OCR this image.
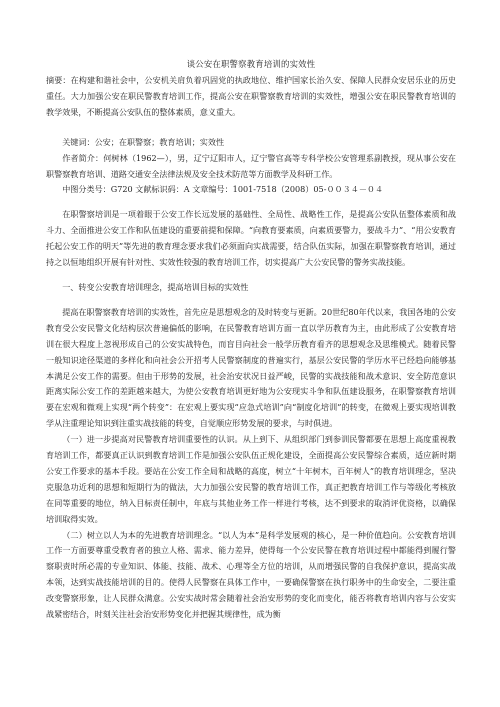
谈公安在职警察教育培训的实效性

摘要：在构建和谐社会中，公安机关肩负着巩固党的执政地位、维护国家长治久安、保障人民群众安居乐业的历史重任。大力加强公安在职民警教育培训工作，提高公安在职警察教育培训的实效性，增强公安在职民警教育培训的教学效果，不断提高公安队伍的整体素质，意义重大。

关键词：公安；在职警察；教育培训；实效性

作者简介：何树林（1962—），男，辽宁辽阳市人，辽宁警官高等专科学校公安管理系副教授，现从事公安在职警察教育培训、道路交通安全法律法规及安全技术防范等方面教学及科研工作。

中图分类号：G720 文献标识码：A 文章编号：1001-7518（2008）05-００３４－０４

在职警察培训是一项着眼于公安工作长远发展的基础性、全局性、战略性工作，是提高公安队伍整体素质和战斗力、全面推进公安工作和队伍建设的重要前提和保障。“向教育要素质，向素质要警力，要战斗力”、“用公安教育托起公安工作的明天”等先进的教育理念要求我们必须面向实战需要，结合队伍实际，加强在职警察教育培训，通过持之以恒地组织开展有针对性、实效性较强的教育培训工作，切实提高广大公安民警的警务实战技能。

一、转变公安教育培训理念，提高培训目标的实效性

提高在职警察教育培训的实效性，首先应是思想观念的及时转变与更新。20世纪80年代以来，我国各地的公安教育受公安民警文化结构层次普遍偏低的影响，在民警教育培训方面一直以学历教育为主，由此形成了公安教育培训在很大程度上忽视形成自己的公安实战特色，而盲目向社会一般学历教育看齐的思想观念及思维模式。随着民警一般知识途径渠道的多样化和向社会公开招考人民警察制度的普遍实行，基层公安民警的学历水平已经趋向能够基本满足公安工作的需要。但由于形势的发展，社会治安状况日益严峻，民警的实战技能和战术意识、安全防范意识距离实际公安工作的差距越来越大，为使公安教育培训更好地为公安现实斗争和队伍建设服务，在职警察教育培训要在宏观和微观上实现“两个转变”：在宏观上要实现“应急式培训”向“制度化培训”的转变，在微观上要实现培训教学从注重理论知识到注重实战技能的转变，自觉顺应形势发展的要求，与时俱进。

（一）进一步提高对民警教育培训重要性的认识。从上到下、从组织部门到参训民警都要在思想上高度重视教育培训工作，都要真正认识到教育培训工作是加强公安队伍正规化建设，全面提高公安民警综合素质，适应新时期公安工作要求的基本手段。要站在公安工作全局和战略的高度，树立“十年树木，百年树人”的教育培训理念，坚决克服急功近利的思想和短期行为的做法，大力加强公安民警的教育培训工作，真正把教育培训工作与等级化考核放在同等重要的地位，纳入目标责任制中，年底与其他业务工作一样进行考核，达不到要求的取消评优资格，以确保培训取得实效。

（二）树立以人为本的先进教育培训理念。“以人为本”是科学发展观的核心，是一种价值趋向。公安教育培训工作一方面要尊重受教育者的独立人格、需求、能力差异，使得每一个公安民警在教育培训过程中都能得到履行警察职责时所必需的专业知识、体能、技能、战术、心理等全方位的培训，从而增强民警的自我保护意识，提高实战本领，达到实战技能培训的目的。使得人民警察在具体工作中，一要确保警察在执行职务中的生命安全，二要注重改变警察形象，让人民群众满意。公安实战时常会随着社会治安形势的变化而变化，能否将教育培训内容与公安实战紧密结合，时刻关注社会治安形势变化并把握其规律性，成为衡
